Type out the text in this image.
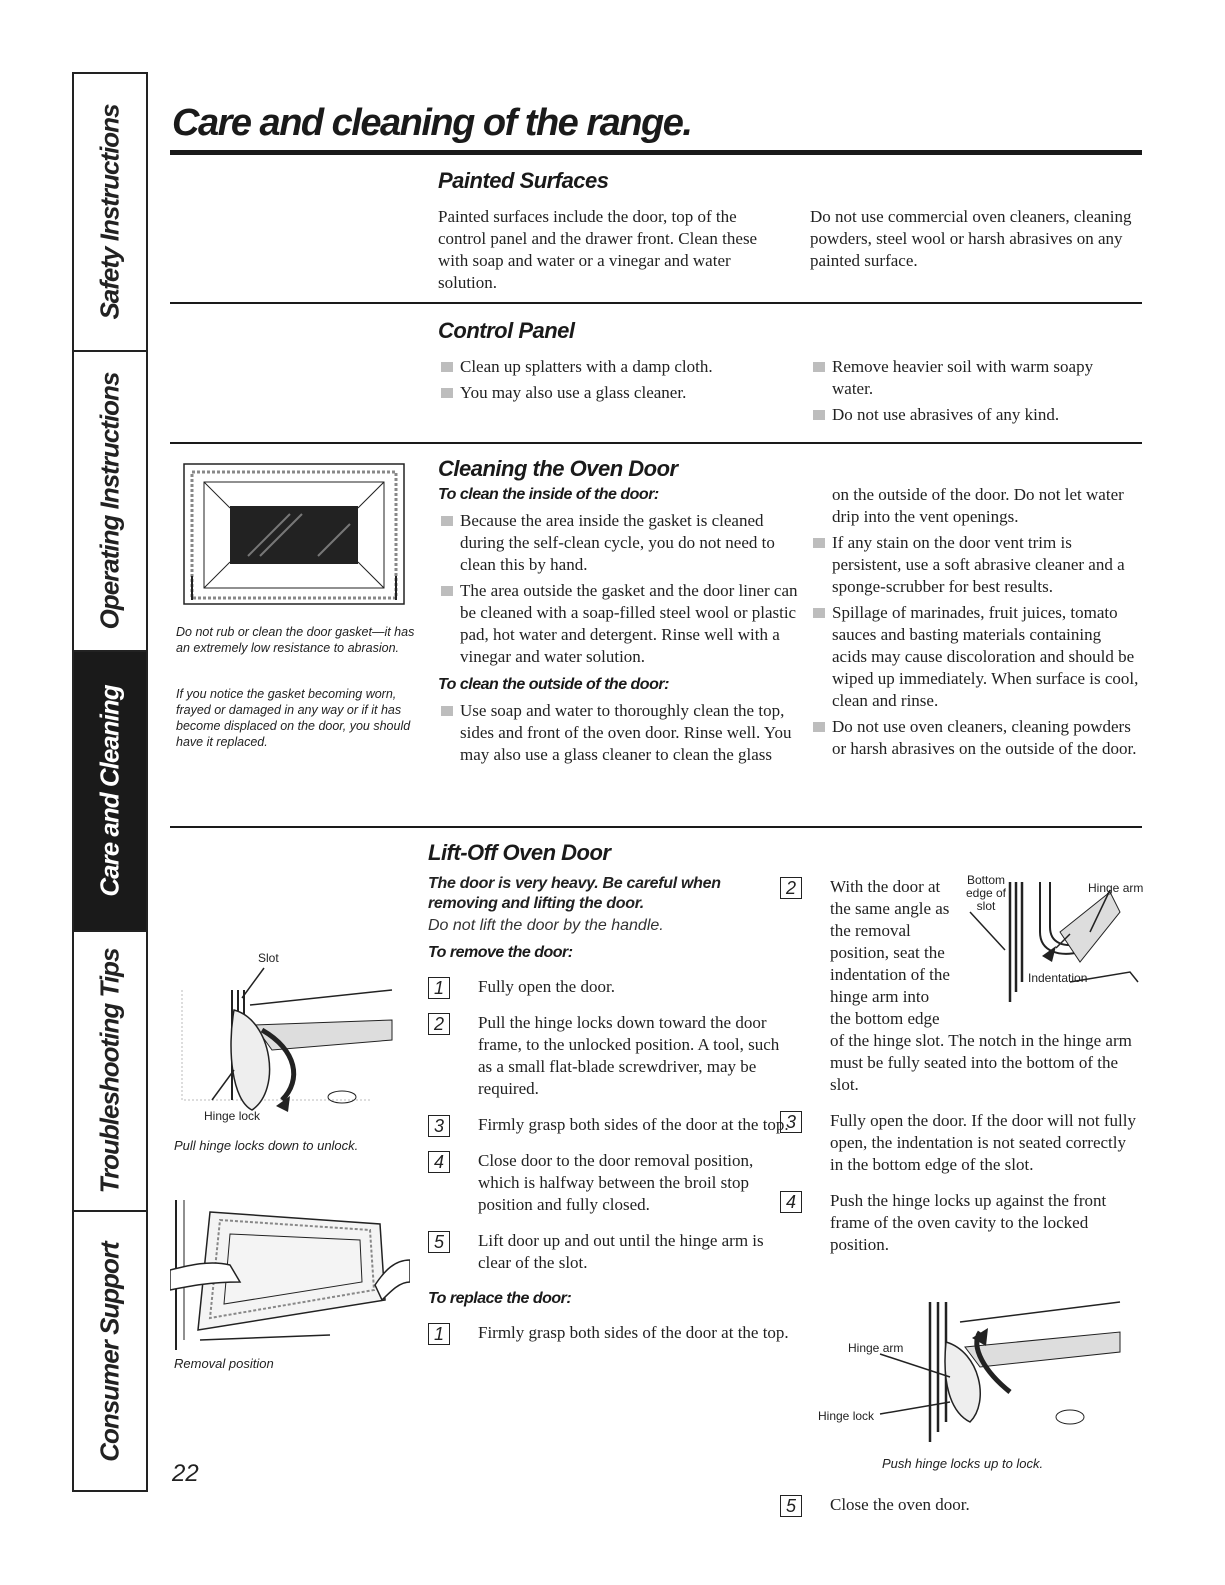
Safety Instructions
Operating Instructions
Care and Cleaning
Troubleshooting Tips
Consumer Support
Care and cleaning of the range.
Painted Surfaces

Painted surfaces include the door, top of the control panel and the drawer front. Clean these with soap and water or a vinegar and water solution.

Do not use commercial oven cleaners, cleaning powders, steel wool or harsh abrasives on any painted surface.

Control Panel
Clean up splatters with a damp cloth.
You may also use a glass cleaner.
Remove heavier soil with warm soapy water.
Do not use abrasives of any kind.
Do not rub or clean the door gasket—it has an extremely low resistance to abrasion.
If you notice the gasket becoming worn, frayed or damaged in any way or if it has become displaced on the door, you should have it replaced.
Cleaning the Oven Door
To clean the inside of the door:
Because the area inside the gasket is cleaned during the self-clean cycle, you do not need to clean this by hand.
The area outside the gasket and the door liner can be cleaned with a soap-filled steel wool or plastic pad, hot water and detergent. Rinse well with a vinegar and water solution.
To clean the outside of the door:
Use soap and water to thoroughly clean the top, sides and front of the oven door. Rinse well. You may also use a glass cleaner to clean the glass

on the outside of the door. Do not let water drip into the vent openings.

If any stain on the door vent trim is persistent, use a soft abrasive cleaner and a sponge-scrubber for best results.
Spillage of marinades, fruit juices, tomato sauces and basting materials containing acids may cause discoloration and should be wiped up immediately. When surface is cool, clean and rinse.
Do not use oven cleaners, cleaning powders or harsh abrasives on the outside of the door.
Lift-Off Oven Door
Slot
Hinge lock
Pull hinge locks down to unlock.
Removal position

The door is very heavy. Be careful when removing and lifting the door.

Do not lift the door by the handle.

To remove the door:
1	Fully open the door.
2	Pull the hinge locks down toward the door frame, to the unlocked position. A tool, such as a small flat-blade screwdriver, may be required.
3	Firmly grasp both sides of the door at the top.
4	Close door to the door removal position, which is halfway between the broil stop position and fully closed.
5	Lift door up and out until the hinge arm is clear of the slot.
To replace the door:
1	Firmly grasp both sides of the door at the top.
2	With the door at the same angle as the removal position, seat the indentation of the hinge arm into the bottom edge of the hinge slot. The notch in the hinge arm must be fully seated into the bottom of the slot.
3	Fully open the door. If the door will not fully open, the indentation is not seated correctly in the bottom edge of the slot.
4	Push the hinge locks up against the front frame of the oven cavity to the locked position.
Bottom edge of slot
Hinge arm
Indentation
Hinge arm
Hinge lock
Push hinge locks up to lock.
5	Close the oven door.
22
